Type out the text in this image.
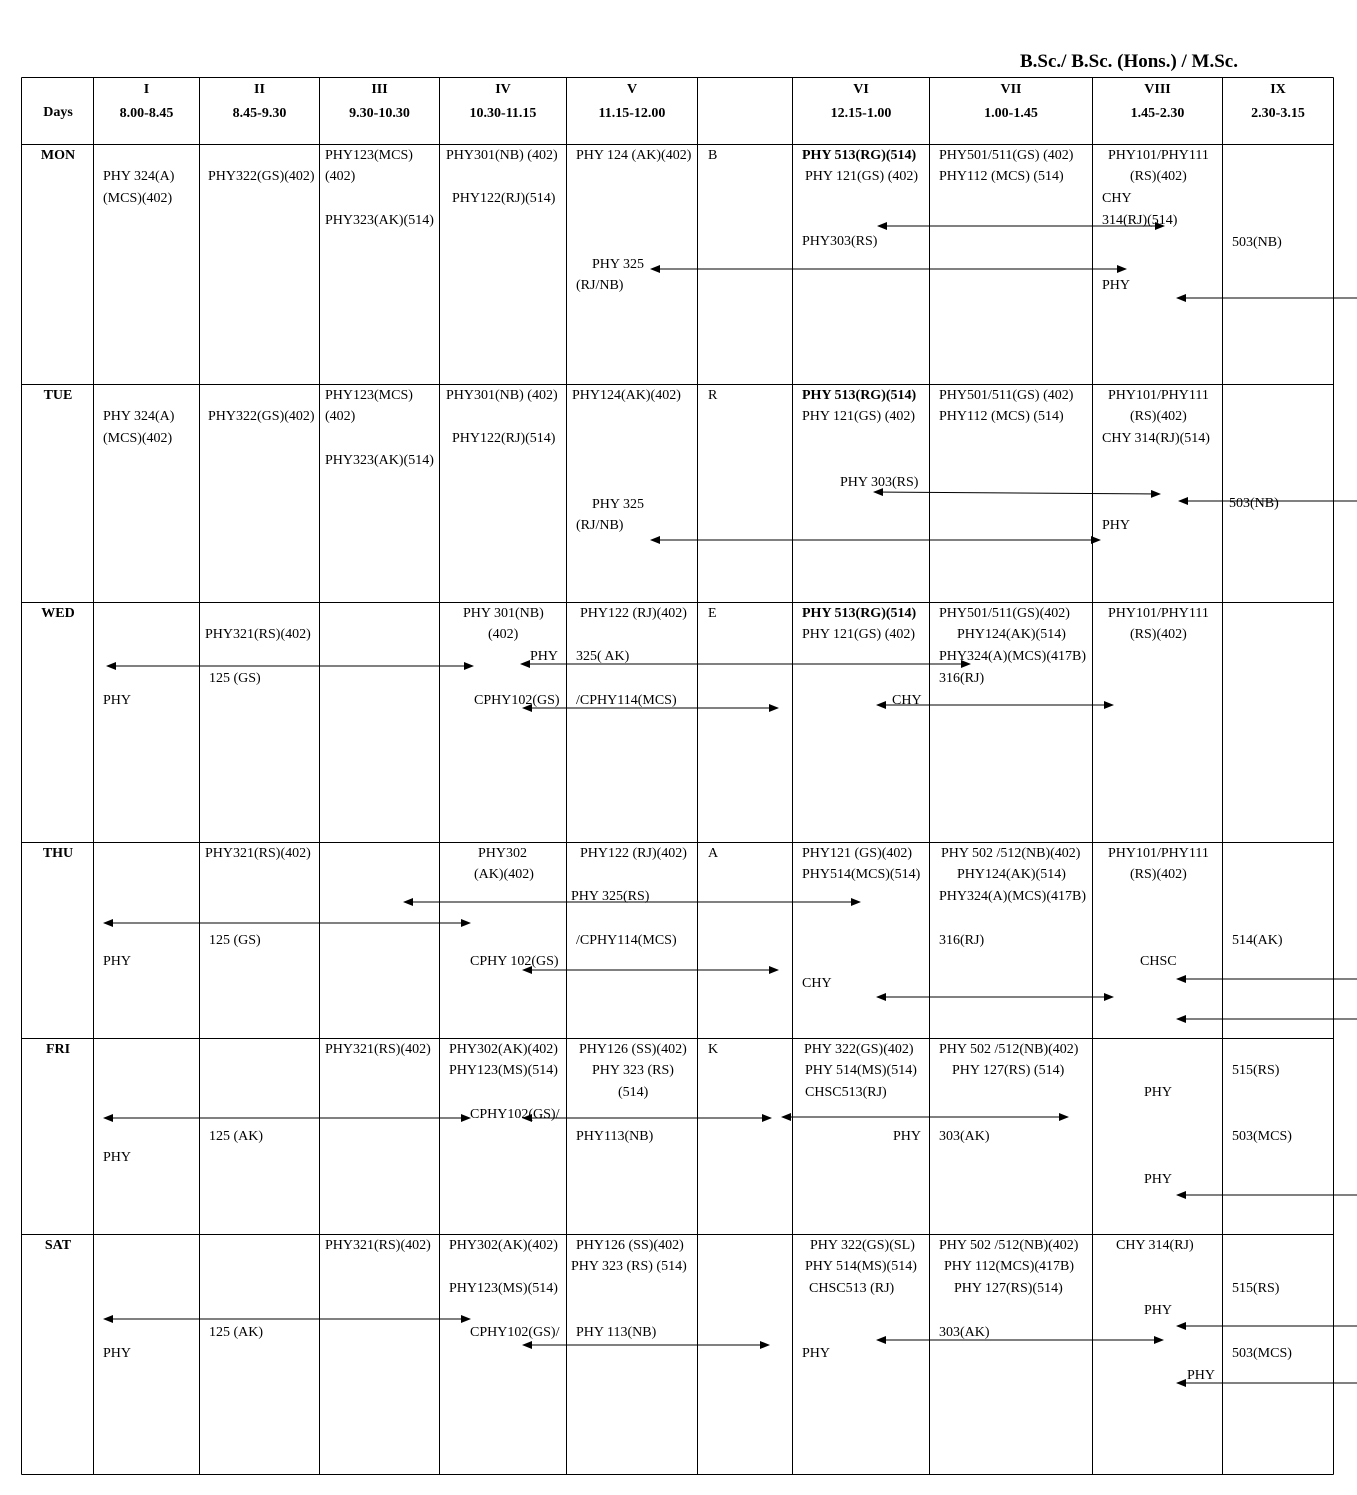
B.Sc./ B.Sc. (Hons.) / M.Sc.
Days
I
8.00-8.45
II
8.45-9.30
III
9.30-10.30
IV
10.30-11.15
V
11.15-12.00
VI
12.15-1.00
VII
1.00-1.45
VIII
1.45-2.30
IX
2.30-3.15
MON
TUE
WED
THU
FRI
SAT
B
R
E
A
K
PHY 324(A)
(MCS)(402)
PHY322(GS)(402)
PHY123(MCS)
(402)
PHY323(AK)(514)
PHY301(NB) (402)
PHY122(RJ)(514)
PHY 124 (AK)(402)
PHY 325
(RJ/NB)
PHY 513(RG)(514)
PHY 121(GS) (402)
PHY303(RS)
PHY501/511(GS) (402)
PHY112 (MCS) (514)
PHY101/PHY111
(RS)(402)
CHY
314(RJ)(514)
PHY
503(NB)
PHY 324(A)
(MCS)(402)
PHY322(GS)(402)
PHY123(MCS)
(402)
PHY323(AK)(514)
PHY301(NB) (402)
PHY122(RJ)(514)
PHY124(AK)(402)
PHY 325
(RJ/NB)
PHY 513(RG)(514)
PHY 121(GS) (402)
PHY 303(RS)
PHY501/511(GS) (402)
PHY112 (MCS) (514)
PHY101/PHY111
(RS)(402)
CHY 314(RJ)(514)
PHY
503(NB)
PHY
PHY321(RS)(402)
125 (GS)
PHY 301(NB)
(402)
PHY
CPHY102(GS)
PHY122 (RJ)(402)
325( AK)
/CPHY114(MCS)
PHY 513(RG)(514)
PHY 121(GS) (402)
CHY
PHY501/511(GS)(402)
PHY124(AK)(514)
PHY324(A)(MCS)(417B)
316(RJ)
PHY101/PHY111
(RS)(402)
PHY
PHY321(RS)(402)
125 (GS)
PHY302
(AK)(402)
CPHY 102(GS)
PHY122 (RJ)(402)
PHY 325(RS)
/CPHY114(MCS)
PHY121 (GS)(402)
PHY514(MCS)(514)
CHY
PHY 502 /512(NB)(402)
PHY124(AK)(514)
PHY324(A)(MCS)(417B)
316(RJ)
PHY101/PHY111
(RS)(402)
CHSC
514(AK)
PHY
125 (AK)
PHY321(RS)(402) PHY302(AK)(402)
PHY123(MS)(514)
CPHY102(GS)/
PHY126 (SS)(402)
PHY 323 (RS)
(514)
PHY113(NB)
PHY 322(GS)(402)
PHY 514(MS)(514)
CHSC513(RJ)
PHY
PHY 502 /512(NB)(402)
PHY 127(RS) (514)
303(AK)
PHY
PHY
515(RS)
503(MCS)
PHY
125 (AK)
PHY321(RS)(402) PHY302(AK)(402)
PHY123(MS)(514)
CPHY102(GS)/
PHY126 (SS)(402)
PHY 323 (RS) (514)
PHY 113(NB)
PHY 322(GS)(SL)
PHY 514(MS)(514)
CHSC513 (RJ)
PHY
PHY 502 /512(NB)(402)
PHY 112(MCS)(417B)
PHY 127(RS)(514)
303(AK)
CHY 314(RJ)
PHY
PHY
515(RS)
503(MCS)
